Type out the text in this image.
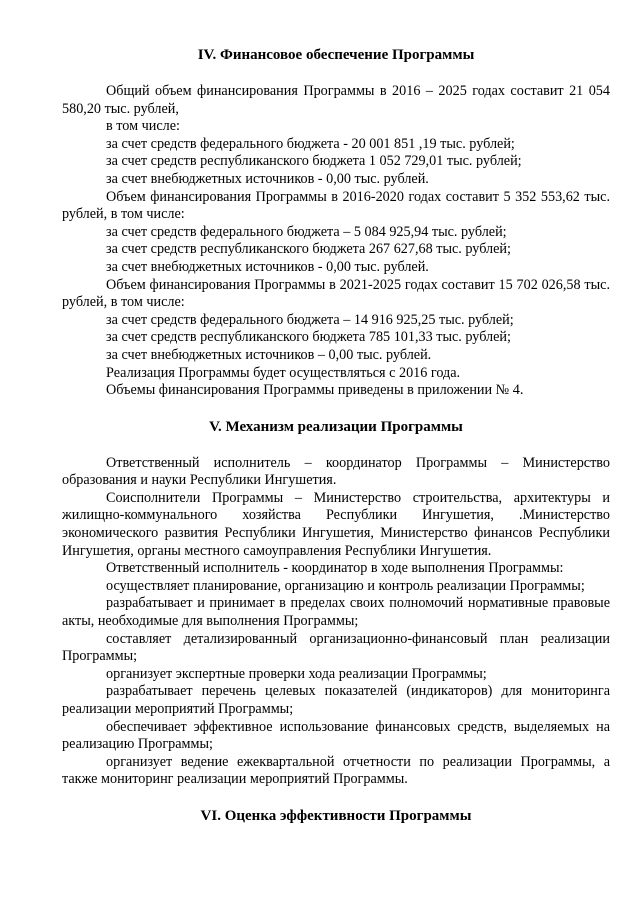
IV. Финансовое обеспечение Программы

Общий объем финансирования Программы в 2016 – 2025 годах составит 21 054 580,20 тыс. рублей,

в том числе:

за счет средств федерального бюджета - 20 001 851 ,19 тыс. рублей;

за счет средств республиканского бюджета 1 052 729,01 тыс. рублей;

за счет внебюджетных источников - 0,00 тыс. рублей.

Объем финансирования Программы в 2016-2020 годах составит 5 352 553,62 тыс. рублей, в том числе:

за счет средств федерального бюджета – 5 084 925,94 тыс. рублей;

за счет средств республиканского бюджета 267 627,68 тыс. рублей;

за счет внебюджетных источников - 0,00 тыс. рублей.

Объем финансирования Программы в 2021-2025 годах составит 15 702 026,58 тыс. рублей, в том числе:

за счет средств федерального бюджета – 14 916 925,25 тыс. рублей;

за счет средств республиканского бюджета 785 101,33 тыс. рублей;

за счет внебюджетных источников – 0,00 тыс. рублей.

Реализация Программы будет осуществляться с 2016 года.

Объемы финансирования Программы приведены в приложении № 4.

V. Механизм реализации Программы

Ответственный исполнитель – координатор Программы – Министерство образования и науки Республики Ингушетия.

Соисполнители Программы – Министерство строительства, архитектуры и жилищно-коммунального хозяйства Республики Ингушетия, .Министерство экономического развития Республики Ингушетия, Министерство финансов Республики Ингушетия, органы местного самоуправления Республики Ингушетия.

Ответственный исполнитель - координатор в ходе выполнения Программы:

осуществляет планирование, организацию и контроль реализации Программы;

разрабатывает и принимает в пределах своих полномочий нормативные правовые акты, необходимые для выполнения Программы;

составляет детализированный организационно-финансовый план реализации Программы;

организует экспертные проверки хода реализации Программы;

разрабатывает перечень целевых показателей (индикаторов) для мониторинга реализации мероприятий Программы;

обеспечивает эффективное использование финансовых средств, выделяемых на реализацию Программы;

организует ведение ежеквартальной отчетности по реализации Программы, а также мониторинг реализации мероприятий Программы.

VI. Оценка эффективности Программы
